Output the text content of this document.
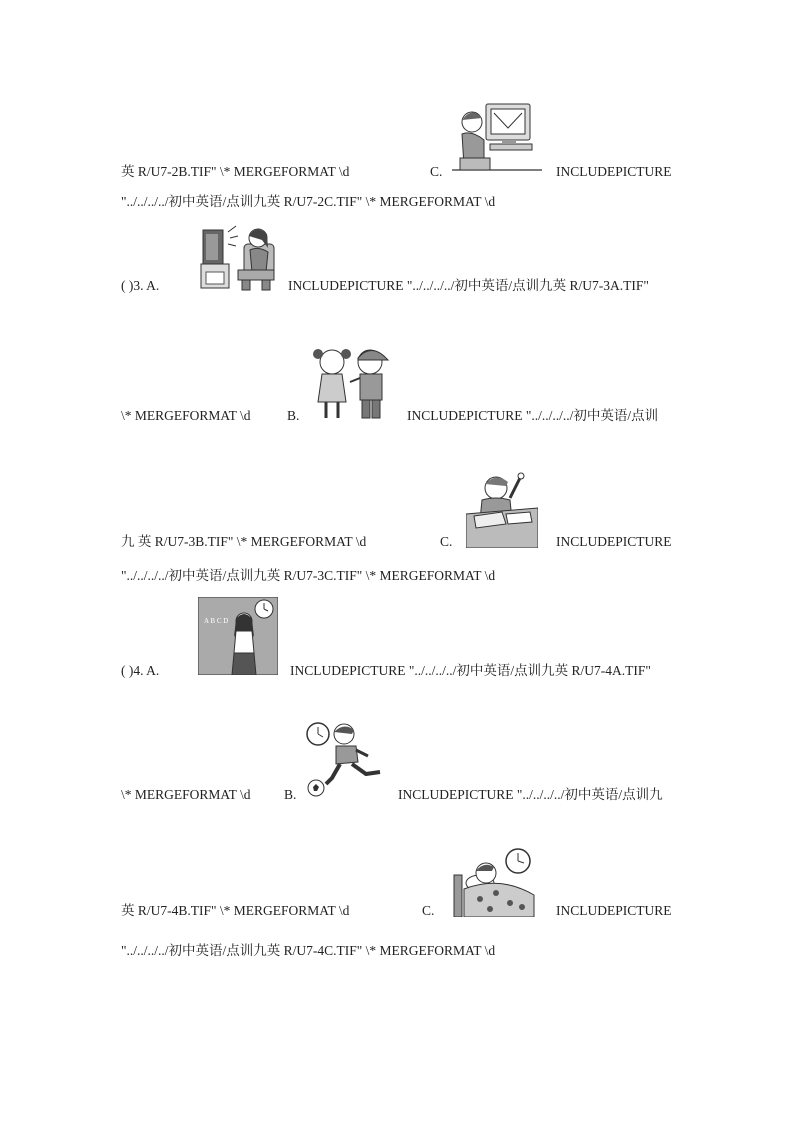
英 R/U7-2B.TIF" \* MERGEFORMAT \d	C.	INCLUDEPICTURE
"../../../../初中英语/点训九英 R/U7-2C.TIF" \* MERGEFORMAT \d
( )3. A.	INCLUDEPICTURE "../../../../初中英语/点训九英 R/U7-3A.TIF"
\* MERGEFORMAT \d	B.	INCLUDEPICTURE "../../../../初中英语/点训
九 英 R/U7-3B.TIF" \* MERGEFORMAT \d	C.	INCLUDEPICTURE
"../../../../初中英语/点训九英 R/U7-3C.TIF" \* MERGEFORMAT \d
( )4. A.	INCLUDEPICTURE "../../../../初中英语/点训九英 R/U7-4A.TIF"
\* MERGEFORMAT \d B.	INCLUDEPICTURE "../../../../初中英语/点训九
英 R/U7-4B.TIF" \* MERGEFORMAT \d	C.	INCLUDEPICTURE
"../../../../初中英语/点训九英 R/U7-4C.TIF" \* MERGEFORMAT \d
A B C D
